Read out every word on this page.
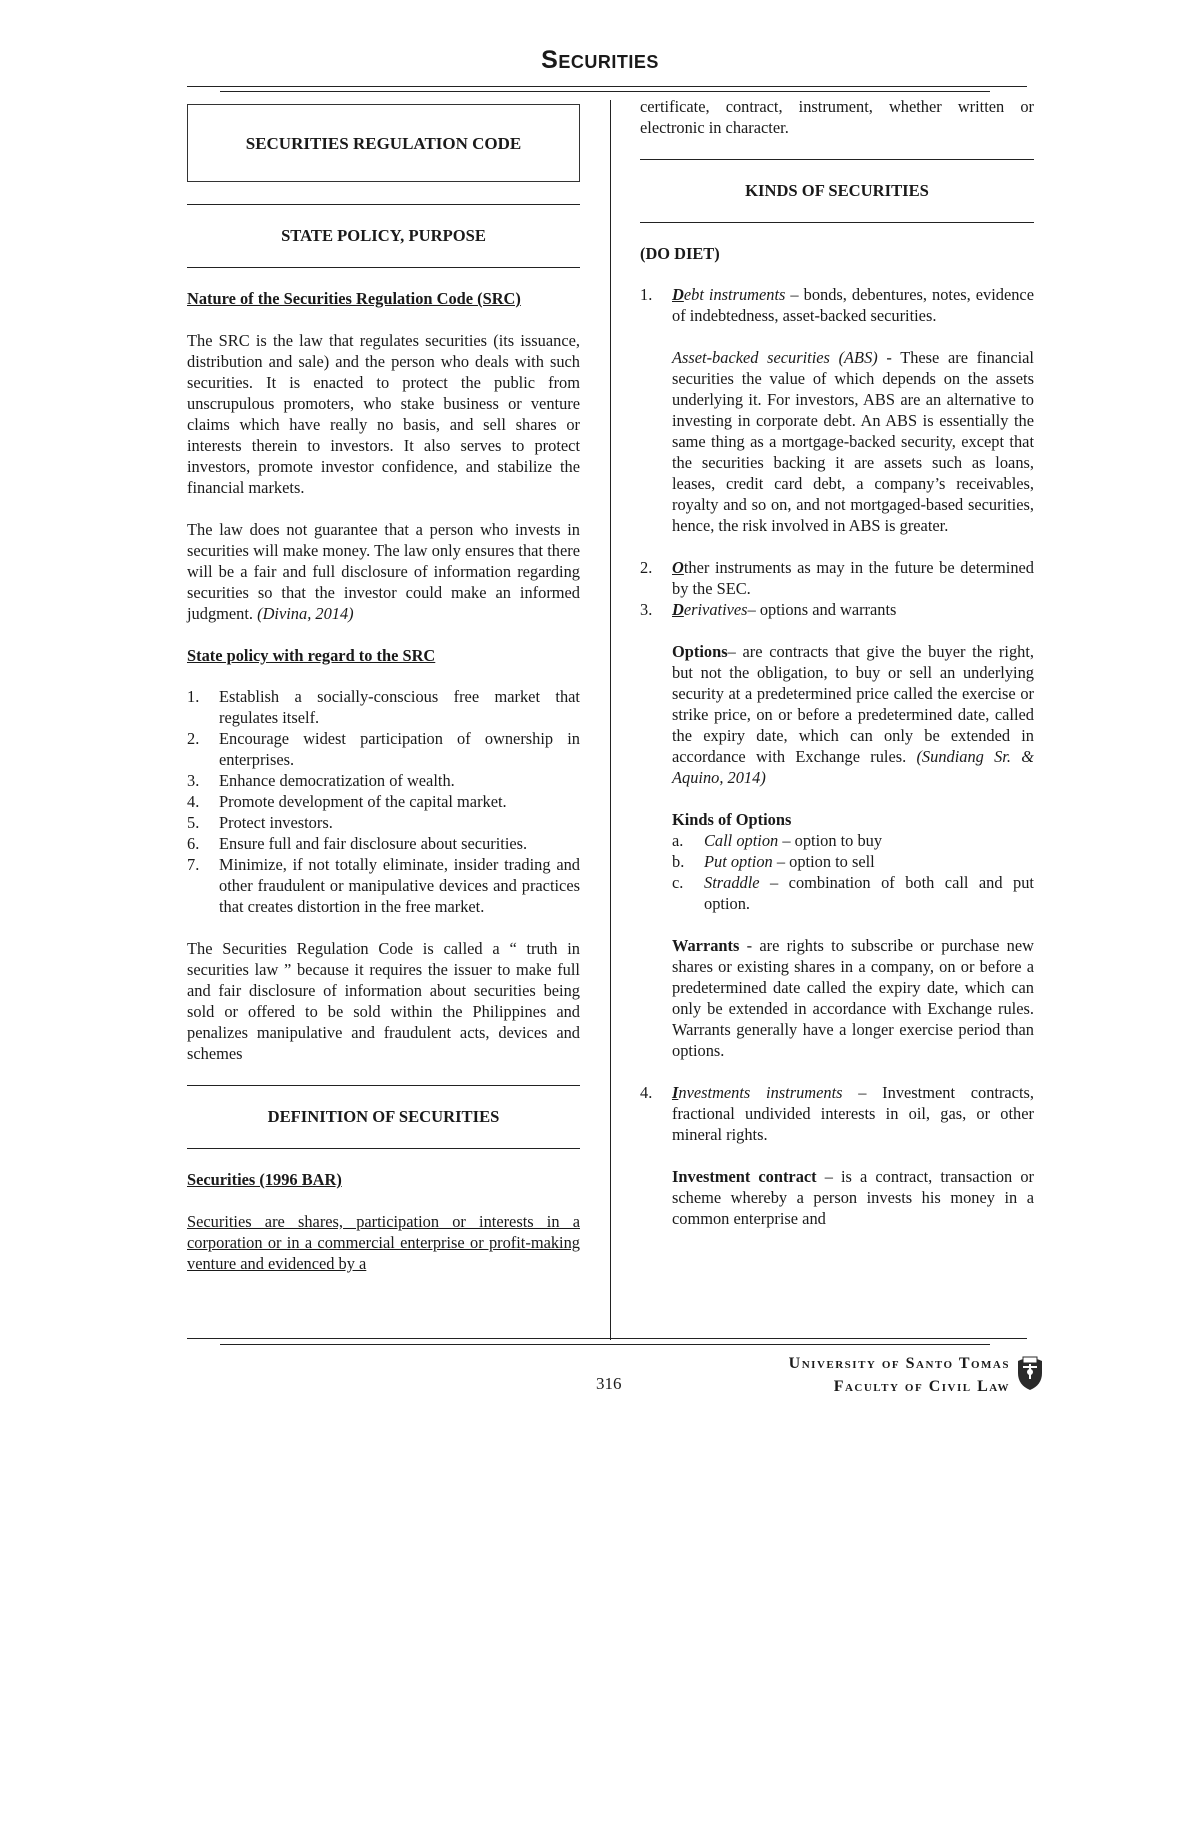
Securities
SECURITIES REGULATION CODE
STATE POLICY, PURPOSE

Nature of the Securities Regulation Code (SRC)

The SRC is the law that regulates securities (its issuance, distribution and sale) and the person who deals with such securities. It is enacted to protect the public from unscrupulous promoters, who stake business or venture claims which have really no basis, and sell shares or interests therein to investors. It also serves to protect investors, promote investor confidence, and stabilize the financial markets.

The law does not guarantee that a person who invests in securities will make money. The law only ensures that there will be a fair and full disclosure of information regarding securities so that the investor could make an informed judgment. (Divina, 2014)

State policy with regard to the SRC

1. Establish a socially-conscious free market that regulates itself.
2. Encourage widest participation of ownership in enterprises.
3. Enhance democratization of wealth.
4. Promote development of the capital market.
5. Protect investors.
6. Ensure full and fair disclosure about securities.
7. Minimize, if not totally eliminate, insider trading and other fraudulent or manipulative devices and practices that creates distortion in the free market.

The Securities Regulation Code is called a “ truth in securities law ” because it requires the issuer to make full and fair disclosure of information about securities being sold or offered to be sold within the Philippines and penalizes manipulative and fraudulent acts, devices and schemes

DEFINITION OF SECURITIES

Securities (1996 BAR)

Securities are shares, participation or interests in a corporation or in a commercial enterprise or profit-making venture and evidenced by a

certificate, contract, instrument, whether written or electronic in character.

KINDS OF SECURITIES

(DO DIET)

1. Debt instruments – bonds, debentures, notes, evidence of indebtedness, asset-backed securities.

Asset-backed securities (ABS) - These are financial securities the value of which depends on the assets underlying it. For investors, ABS are an alternative to investing in corporate debt. An ABS is essentially the same thing as a mortgage-backed security, except that the securities backing it are assets such as loans, leases, credit card debt, a company’s receivables, royalty and so on, and not mortgaged-based securities, hence, the risk involved in ABS is greater.

2. Other instruments as may in the future be determined by the SEC.
3. Derivatives– options and warrants

Options– are contracts that give the buyer the right, but not the obligation, to buy or sell an underlying security at a predetermined price called the exercise or strike price, on or before a predetermined date, called the expiry date, which can only be extended in accordance with Exchange rules. (Sundiang Sr. & Aquino, 2014)

Kinds of Options

a. Call option – option to buy
b. Put option – option to sell
c. Straddle – combination of both call and put option.

Warrants - are rights to subscribe or purchase new shares or existing shares in a company, on or before a predetermined date called the expiry date, which can only be extended in accordance with Exchange rules. Warrants generally have a longer exercise period than options.

4. Investments instruments – Investment contracts, fractional undivided interests in oil, gas, or other mineral rights.

Investment contract – is a contract, transaction or scheme whereby a person invests his money in a common enterprise and

316
University of Santo Tomas
Faculty of Civil Law
